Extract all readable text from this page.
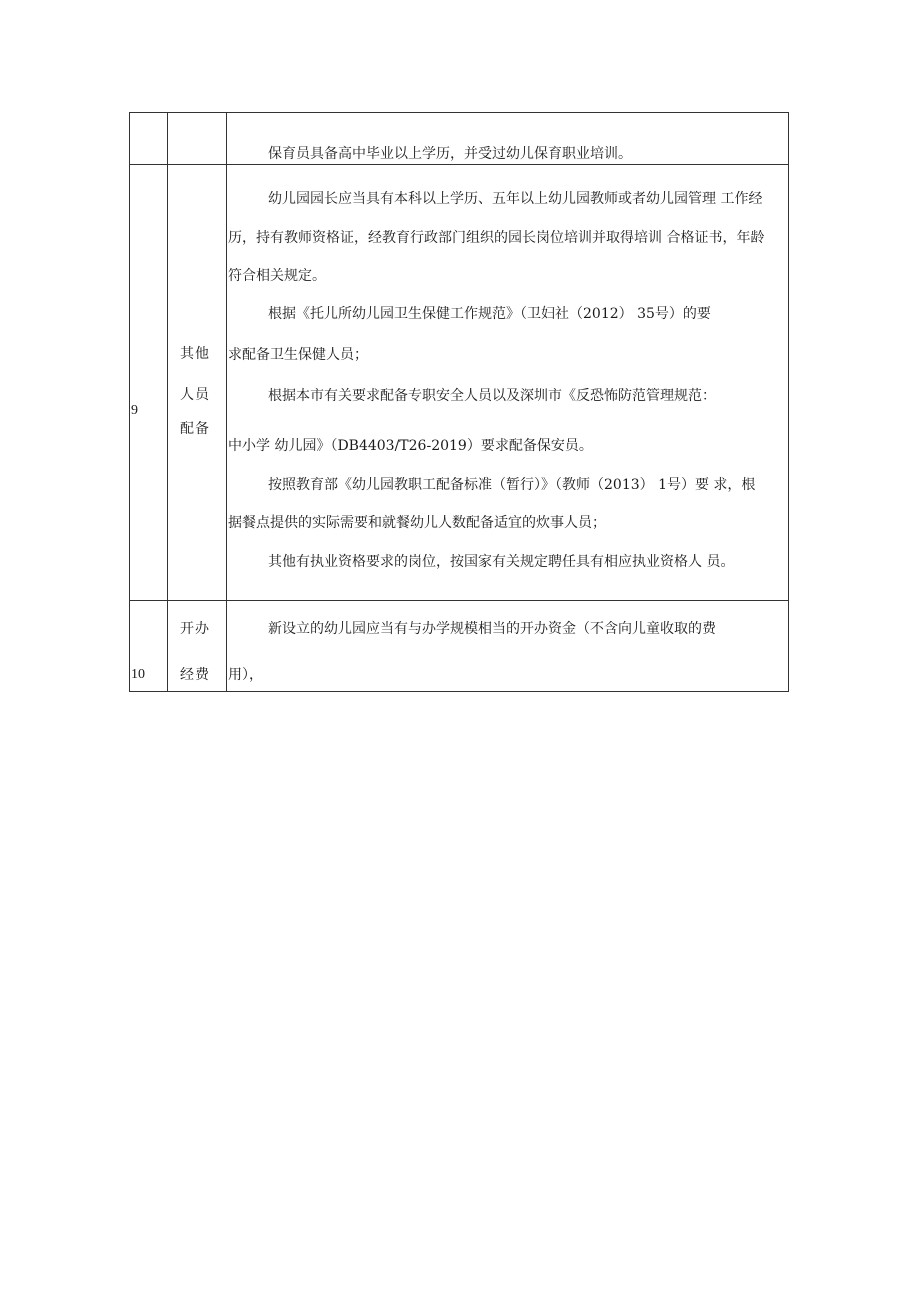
保育员具备高中毕业以上学历，并受过幼儿保育职业培训。
9
其他
人员
配备
幼儿园园长应当具有本科以上学历、五年以上幼儿园教师或者幼儿园管理 工作经
历，持有教师资格证，经教育行政部门组织的园长岗位培训并取得培训 合格证书，年龄
符合相关规定。
根据《托儿所幼儿园卫生保健工作规范》（卫妇社（2012） 35号）的要
求配备卫生保健人员；
根据本市有关要求配备专职安全人员以及深圳市《反恐怖防范管理规范：
中小学 幼儿园》（DB4403/T26-2019）要求配备保安员。
按照教育部《幼儿园教职工配备标准（暂行）》（教师（2013） 1号）要 求，根
据餐点提供的实际需要和就餐幼儿人数配备适宜的炊事人员；
其他有执业资格要求的岗位，按国家有关规定聘任具有相应执业资格人 员。
10
开办
经费
新设立的幼儿园应当有与办学规模相当的开办资金（不含向儿童收取的费
用），
